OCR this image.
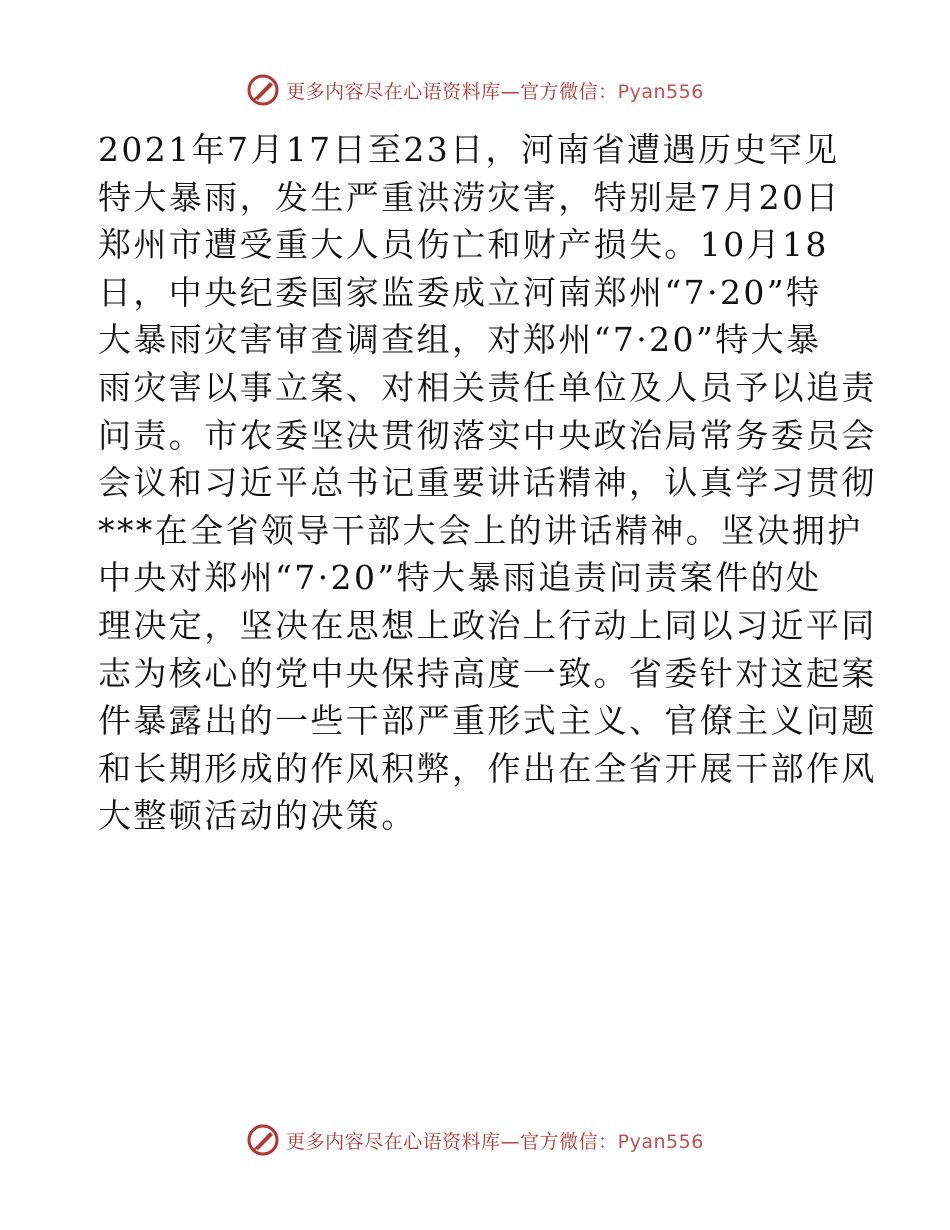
更多内容尽在心语资料库—官方微信：Pyan556

2021年7月17日至23日，河南省遭遇历史罕见
特大暴雨，发生严重洪涝灾害，特别是7月20日
郑州市遭受重大人员伤亡和财产损失。10月18
日，中央纪委国家监委成立河南郑州“7·20”特
大暴雨灾害审查调查组，对郑州“7·20”特大暴
雨灾害以事立案、对相关责任单位及人员予以追责
问责。市农委坚决贯彻落实中央政治局常务委员会
会议和习近平总书记重要讲话精神，认真学习贯彻
***在全省领导干部大会上的讲话精神。坚决拥护
中央对郑州“7·20”特大暴雨追责问责案件的处
理决定，坚决在思想上政治上行动上同以习近平同
志为核心的党中央保持高度一致。省委针对这起案
件暴露出的一些干部严重形式主义、官僚主义问题
和长期形成的作风积弊，作出在全省开展干部作风
大整顿活动的决策。

更多内容尽在心语资料库—官方微信：Pyan556
